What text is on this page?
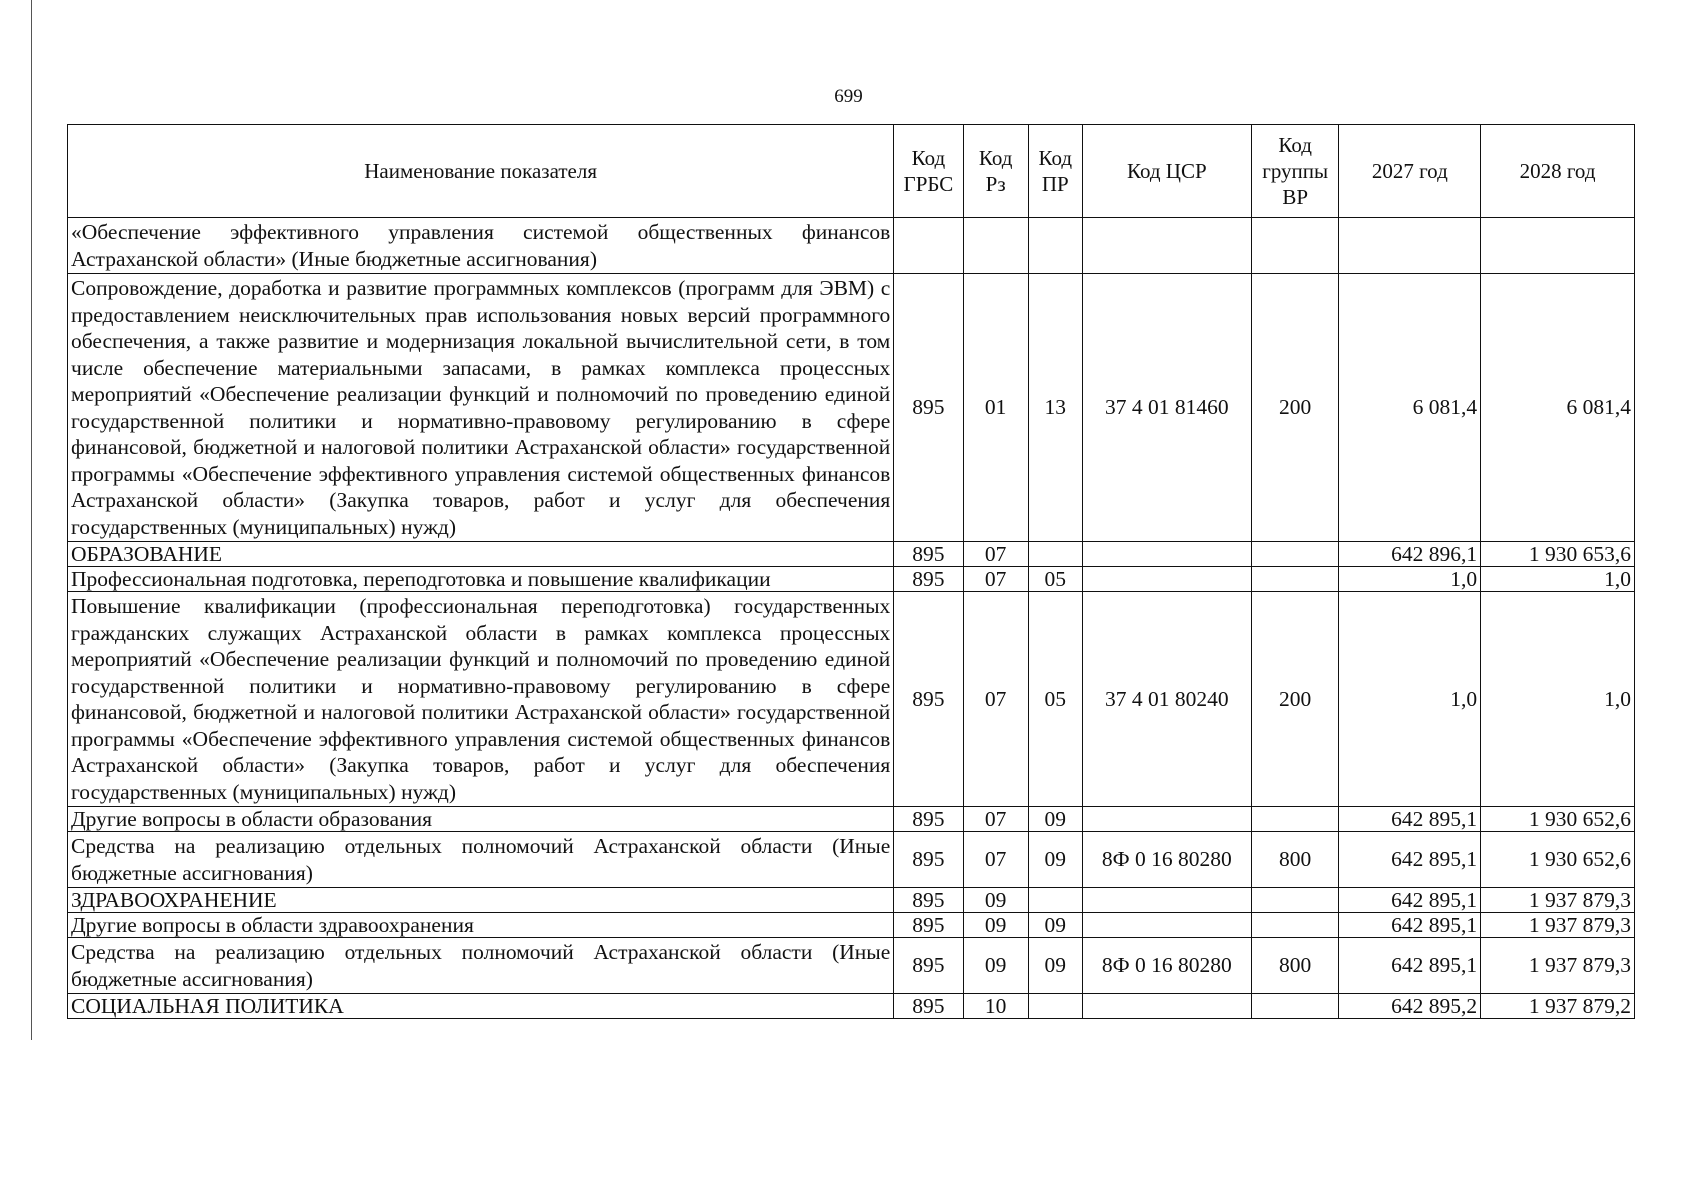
699
Наименование показателя	Код ГРБС	Код Рз	Код ПР	Код ЦСР	Код группы ВР	2027 год	2028 год
«Обеспечение эффективного управления системой общественных финансов Астраханской области» (Иные бюджетные ассигнования)							
Сопровождение, доработка и развитие программных комплексов (программ для ЭВМ) с предоставлением неисключительных прав использования новых версий программного обеспечения, а также развитие и модернизация локальной вычислительной сети, в том числе обеспечение материальными запасами, в рамках комплекса процессных мероприятий «Обеспечение реализации функций и полномочий по проведению единой государственной политики и нормативно-правовому регулированию в сфере финансовой, бюджетной и налоговой политики Астраханской области» государственной программы «Обеспечение эффективного управления системой общественных финансов Астраханской области» (Закупка товаров, работ и услуг для обеспечения государственных (муниципальных) нужд)	895	01	13	37 4 01 81460	200	6 081,4	6 081,4
ОБРАЗОВАНИЕ	895	07				642 896,1	1 930 653,6
Профессиональная подготовка, переподготовка и повышение квалификации	895	07	05			1,0	1,0
Повышение квалификации (профессиональная переподготовка) государственных гражданских служащих Астраханской области в рамках комплекса процессных мероприятий «Обеспечение реализации функций и полномочий по проведению единой государственной политики и нормативно-правовому регулированию в сфере финансовой, бюджетной и налоговой политики Астраханской области» государственной программы «Обеспечение эффективного управления системой общественных финансов Астраханской области» (Закупка товаров, работ и услуг для обеспечения государственных (муниципальных) нужд)	895	07	05	37 4 01 80240	200	1,0	1,0
Другие вопросы в области образования	895	07	09			642 895,1	1 930 652,6
Средства на реализацию отдельных полномочий Астраханской области (Иные бюджетные ассигнования)	895	07	09	8Ф 0 16 80280	800	642 895,1	1 930 652,6
ЗДРАВООХРАНЕНИЕ	895	09				642 895,1	1 937 879,3
Другие вопросы в области здравоохранения	895	09	09			642 895,1	1 937 879,3
Средства на реализацию отдельных полномочий Астраханской области (Иные бюджетные ассигнования)	895	09	09	8Ф 0 16 80280	800	642 895,1	1 937 879,3
СОЦИАЛЬНАЯ ПОЛИТИКА	895	10				642 895,2	1 937 879,2
